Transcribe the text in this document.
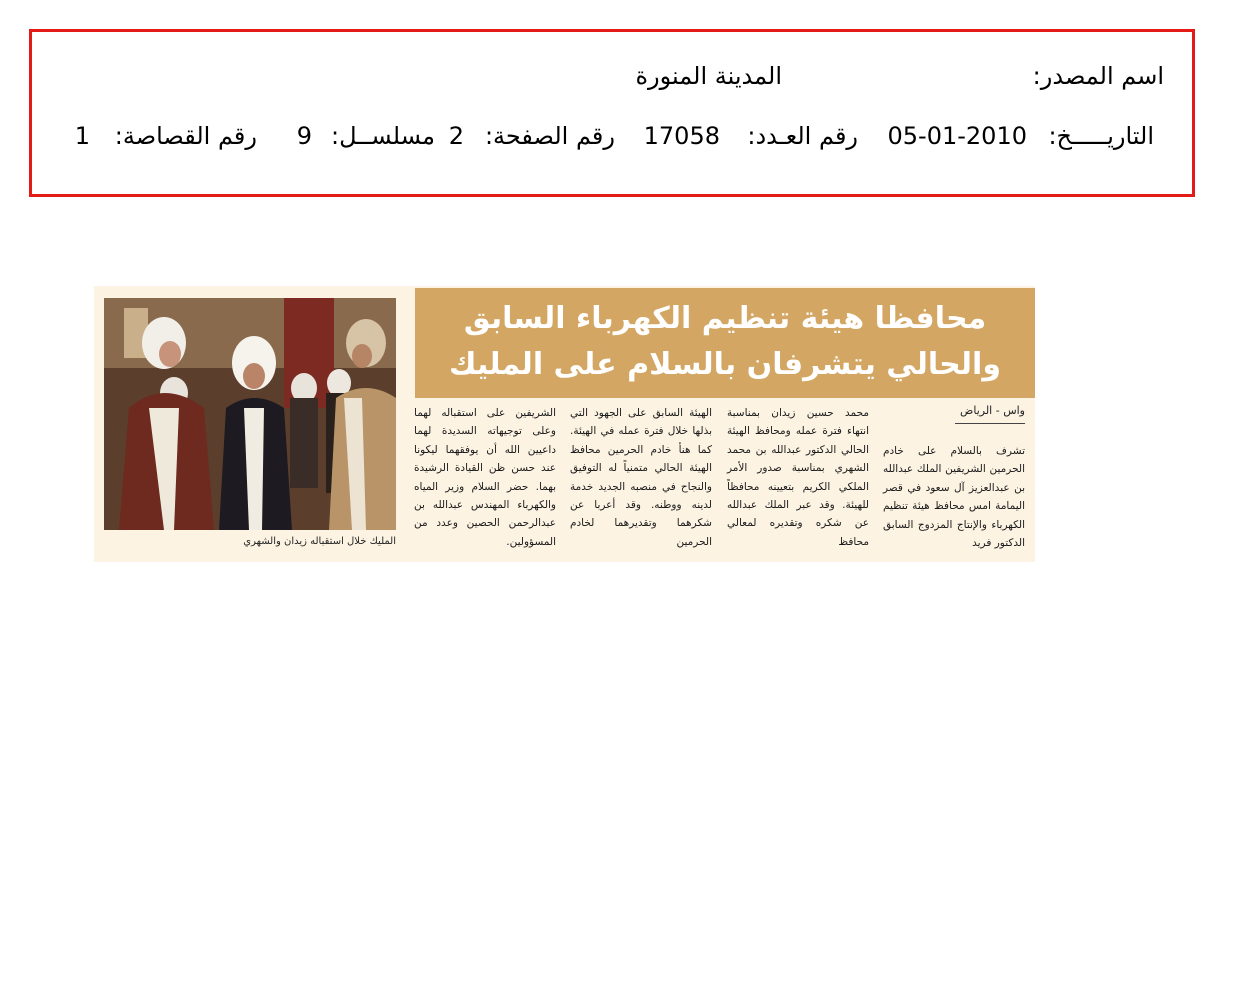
اسم المصدر:
المدينة المنورة
التاريـــــخ:
05-01-2010
رقم العـدد:
17058
رقم الصفحة:
2
مسلســل:
9
رقم القصاصة:
1
محافظا هيئة تنظيم الكهرباء السابق
والحالي يتشرفان بالسلام على المليك
المليك خلال استقباله زيدان والشهري
واس - الرياض

تشرف بالسلام على خادم الحرمين الشريفين الملك عبدالله بن عبدالعزيز آل سعود في قصر اليمامة امس محافظ هيئة تنظيم الكهرباء والإنتاج المزدوج السابق الدكتور فريد

محمد حسين زيدان بمناسبة انتهاء فترة عمله ومحافظ الهيئة الحالي الدكتور عبدالله بن محمد الشهري بمناسبة صدور الأمر الملكي الكريم بتعيينه محافظاً للهيئة. وقد عبر الملك عبدالله عن شكره وتقديره لمعالي محافظ

الهيئة السابق على الجهود التي بذلها خلال فترة عمله في الهيئة. كما هنأ خادم الحرمين محافظ الهيئة الحالي متمنياً له التوفيق والنجاح في منصبه الجديد خدمة لدينه ووطنه. وقد أعربا عن شكرهما وتقديرهما لخادم الحرمين

الشريفين على استقباله لهما وعلى توجيهاته السديدة لهما داعيين الله أن يوفقهما ليكونا عند حسن ظن القيادة الرشيدة بهما. حضر السلام وزير المياه والكهرباء المهندس عبدالله بن عبدالرحمن الحصين وعدد من المسؤولين.
